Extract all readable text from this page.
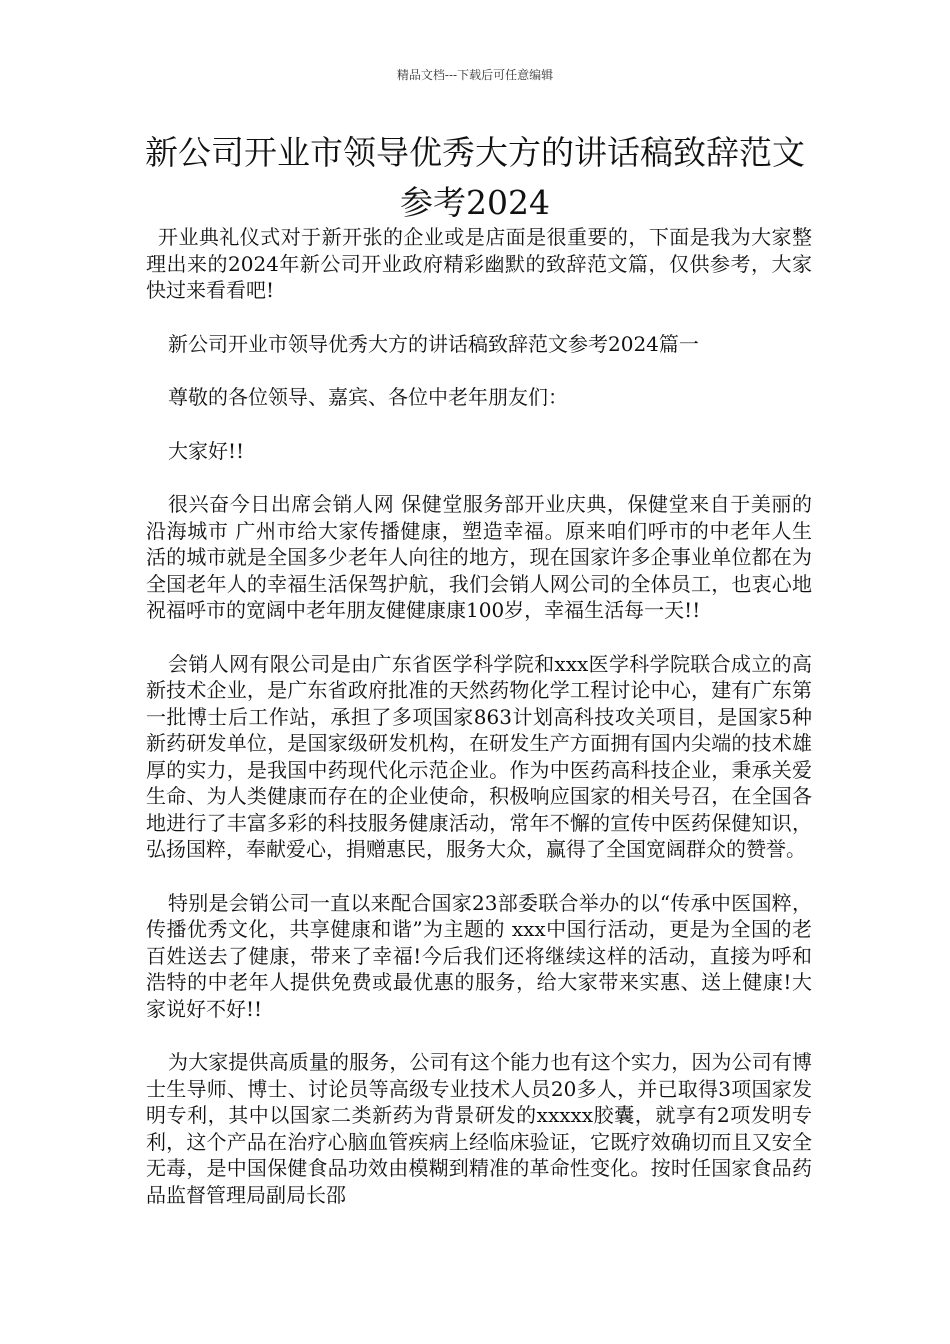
精品文档---下载后可任意编辑
新公司开业市领导优秀大方的讲话稿致辞范文参考2024

开业典礼仪式对于新开张的企业或是店面是很重要的，下面是我为大家整理出来的2024年新公司开业政府精彩幽默的致辞范文篇，仅供参考，大家快过来看看吧!

新公司开业市领导优秀大方的讲话稿致辞范文参考2024篇一

尊敬的各位领导、嘉宾、各位中老年朋友们：

大家好!!

很兴奋今日出席会销人网 保健堂服务部开业庆典，保健堂来自于美丽的沿海城市 广州市给大家传播健康，塑造幸福。原来咱们呼市的中老年人生活的城市就是全国多少老年人向往的地方，现在国家许多企事业单位都在为全国老年人的幸福生活保驾护航，我们会销人网公司的全体员工，也衷心地祝福呼市的宽阔中老年朋友健健康康100岁，幸福生活每一天!!

会销人网有限公司是由广东省医学科学院和xxx医学科学院联合成立的高新技术企业，是广东省政府批准的天然药物化学工程讨论中心，建有广东第一批博士后工作站，承担了多项国家863计划高科技攻关项目，是国家5种新药研发单位，是国家级研发机构，在研发生产方面拥有国内尖端的技术雄厚的实力，是我国中药现代化示范企业。作为中医药高科技企业，秉承关爱生命、为人类健康而存在的企业使命，积极响应国家的相关号召，在全国各地进行了丰富多彩的科技服务健康活动，常年不懈的宣传中医药保健知识，弘扬国粹，奉献爱心，捐赠惠民，服务大众，赢得了全国宽阔群众的赞誉。

特别是会销公司一直以来配合国家23部委联合举办的以“传承中医国粹，传播优秀文化，共享健康和谐”为主题的 xxx中国行活动，更是为全国的老百姓送去了健康，带来了幸福!今后我们还将继续这样的活动，直接为呼和浩特的中老年人提供免费或最优惠的服务，给大家带来实惠、送上健康!大家说好不好!!

为大家提供高质量的服务，公司有这个能力也有这个实力，因为公司有博士生导师、博士、讨论员等高级专业技术人员20多人，并已取得3项国家发明专利，其中以国家二类新药为背景研发的xxxxx胶囊，就享有2项发明专利，这个产品在治疗心脑血管疾病上经临床验证，它既疗效确切而且又安全无毒，是中国保健食品功效由模糊到精准的革命性变化。按时任国家食品药品监督管理局副局长邵
